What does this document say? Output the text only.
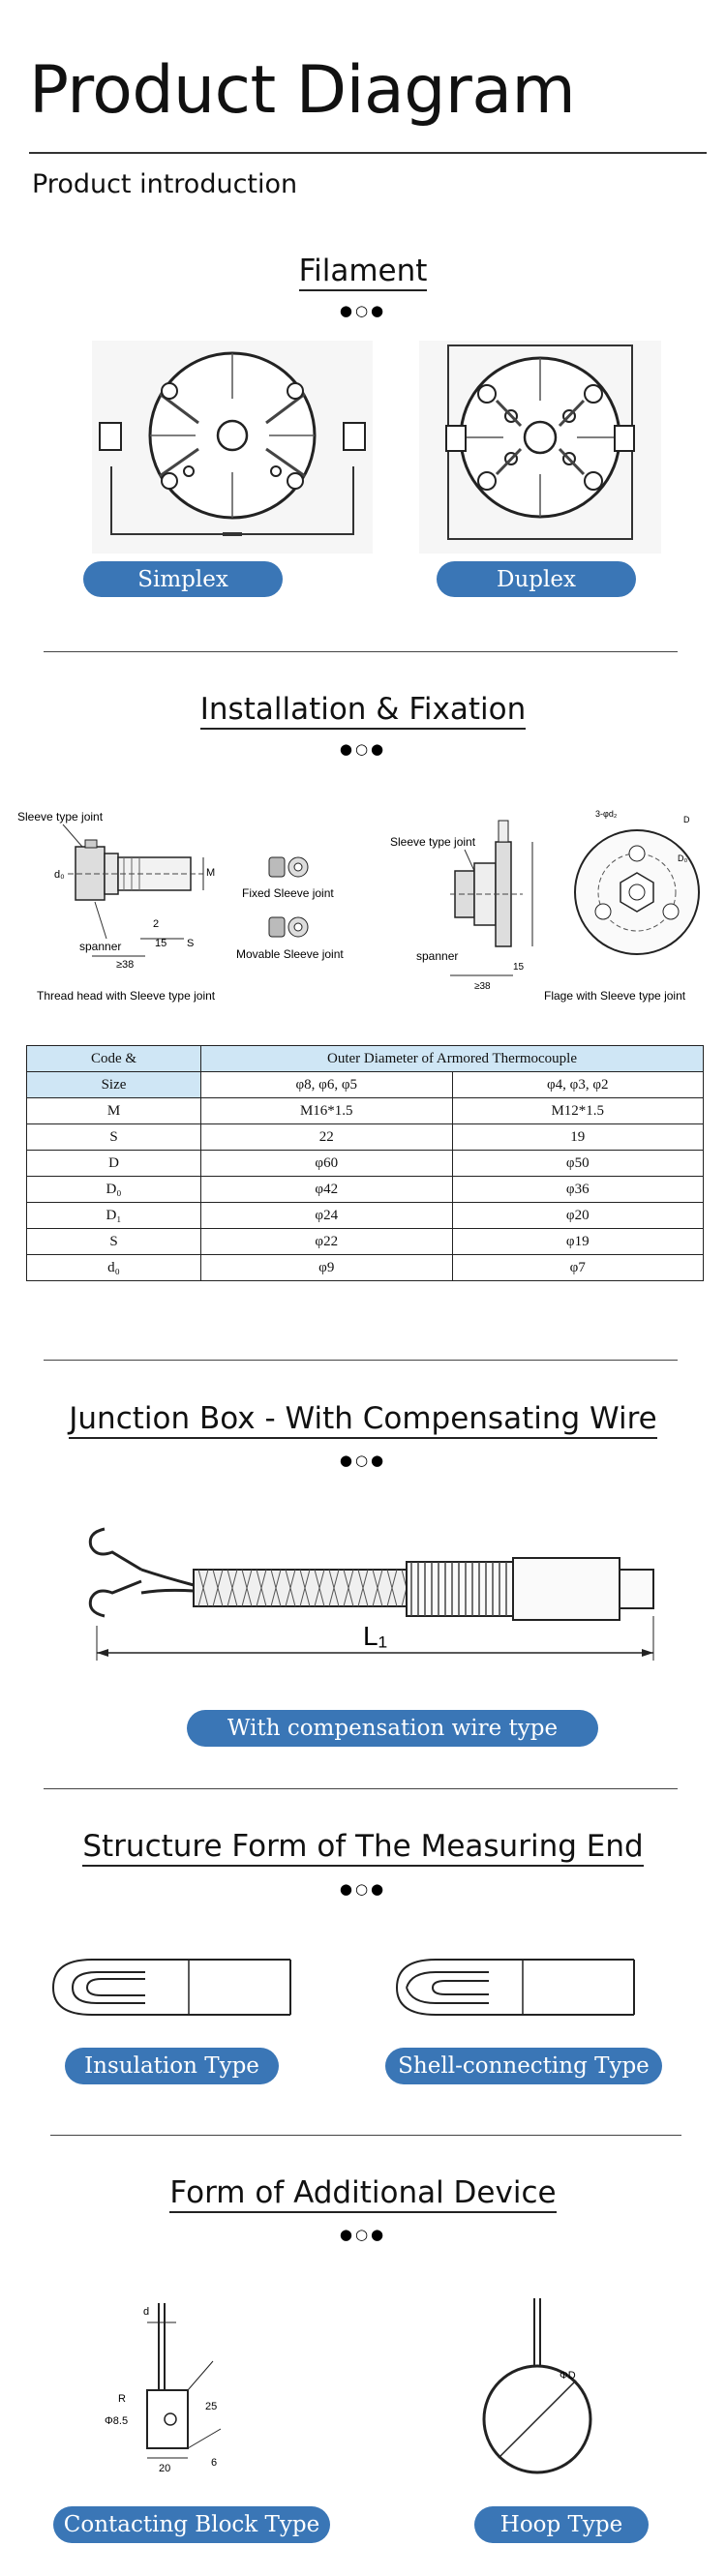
Product Diagram
Product introduction
Filament
●○●
Simplex	Duplex
Installation & Fixation
●○●
Sleeve type joint
M
d₀
spanner
≥38
2
15 S
Thread head with Sleeve type joint
Fixed Sleeve joint
Movable Sleeve joint
Sleeve type joint
spanner
≥38
15
3-φd₂
D
D₀
Flage with Sleeve type joint
Code &	Outer Diameter of Armored Thermocouple	
Size	φ8, φ6, φ5	φ4, φ3, φ2
M	M16*1.5	M12*1.5
S	22	19
D	φ60	φ50
D₀	φ42	φ36
D₁	φ24	φ20
S	φ22	φ19
d₀	φ9	φ7
Junction Box - With Compensating Wire
●○●
L₁
With compensation wire type
Structure Form of The Measuring End
●○●
Insulation Type	Shell-connecting Type
Form of Additional Device
●○●
d
25
R
Φ8.5
20	6
ΦD
Contacting Block Type	Hoop Type
